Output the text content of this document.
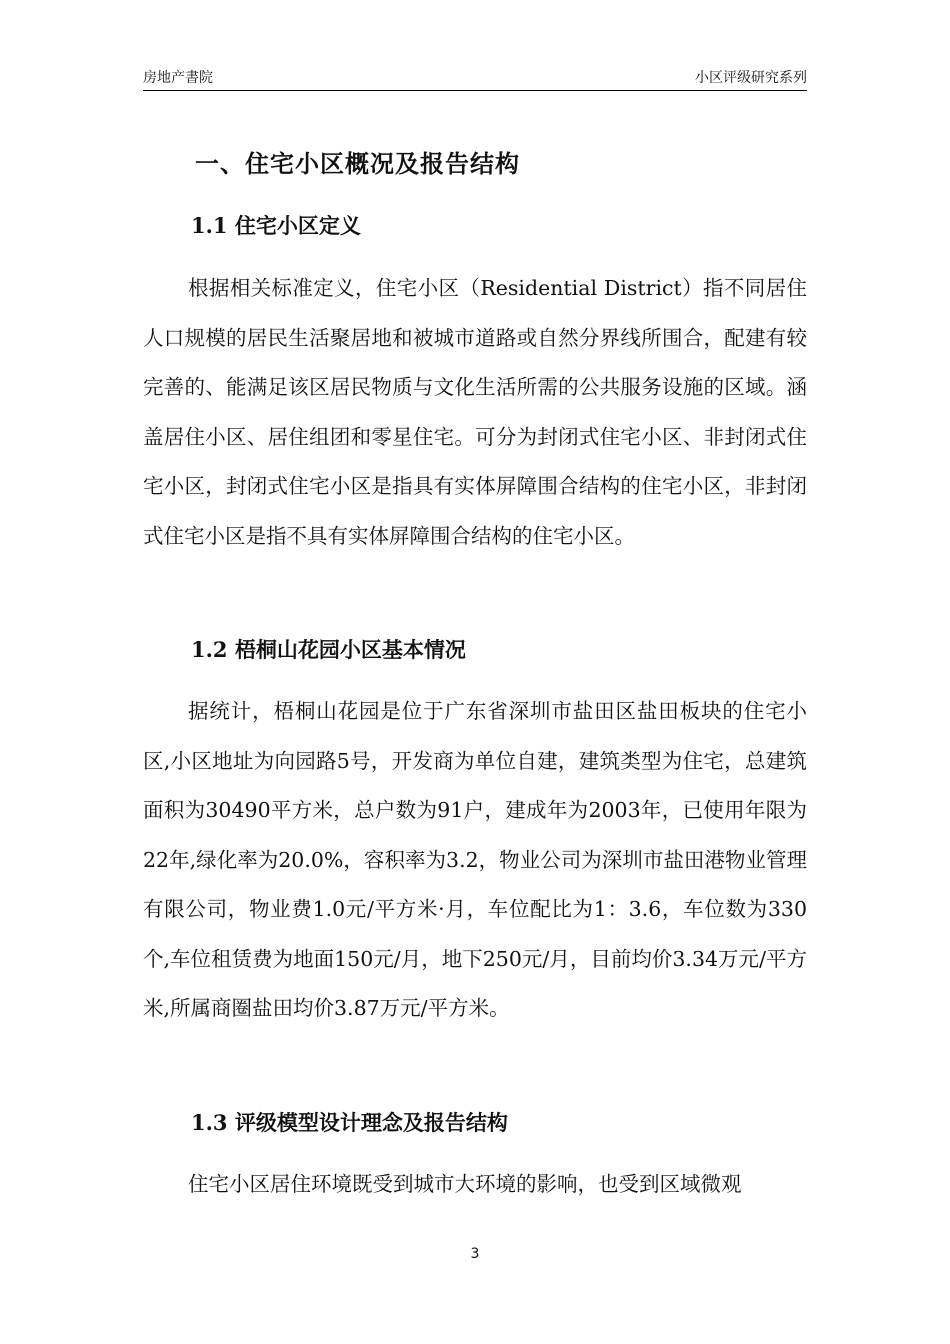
房地产書院	小区评级研究系列
一、住宅小区概况及报告结构
1.1 住宅小区定义
根据相关标准定义，住宅小区（Residential District）指不同居住人口规模的居民生活聚居地和被城市道路或自然分界线所围合，配建有较完善的、能满足该区居民物质与文化生活所需的公共服务设施的区域。涵盖居住小区、居住组团和零星住宅。可分为封闭式住宅小区、非封闭式住宅小区，封闭式住宅小区是指具有实体屏障围合结构的住宅小区，非封闭式住宅小区是指不具有实体屏障围合结构的住宅小区。
1.2 梧桐山花园小区基本情况
据统计，梧桐山花园是位于广东省深圳市盐田区盐田板块的住宅小区,小区地址为向园路5号，开发商为单位自建，建筑类型为住宅，总建筑面积为30490平方米，总户数为91户，建成年为2003年，已使用年限为22年,绿化率为20.0%，容积率为3.2，物业公司为深圳市盐田港物业管理有限公司，物业费1.0元/平方米·月，车位配比为1：3.6，车位数为330个,车位租赁费为地面150元/月，地下250元/月，目前均价3.34万元/平方米,所属商圈盐田均价3.87万元/平方米。
1.3 评级模型设计理念及报告结构
住宅小区居住环境既受到城市大环境的影响，也受到区域微观
3
